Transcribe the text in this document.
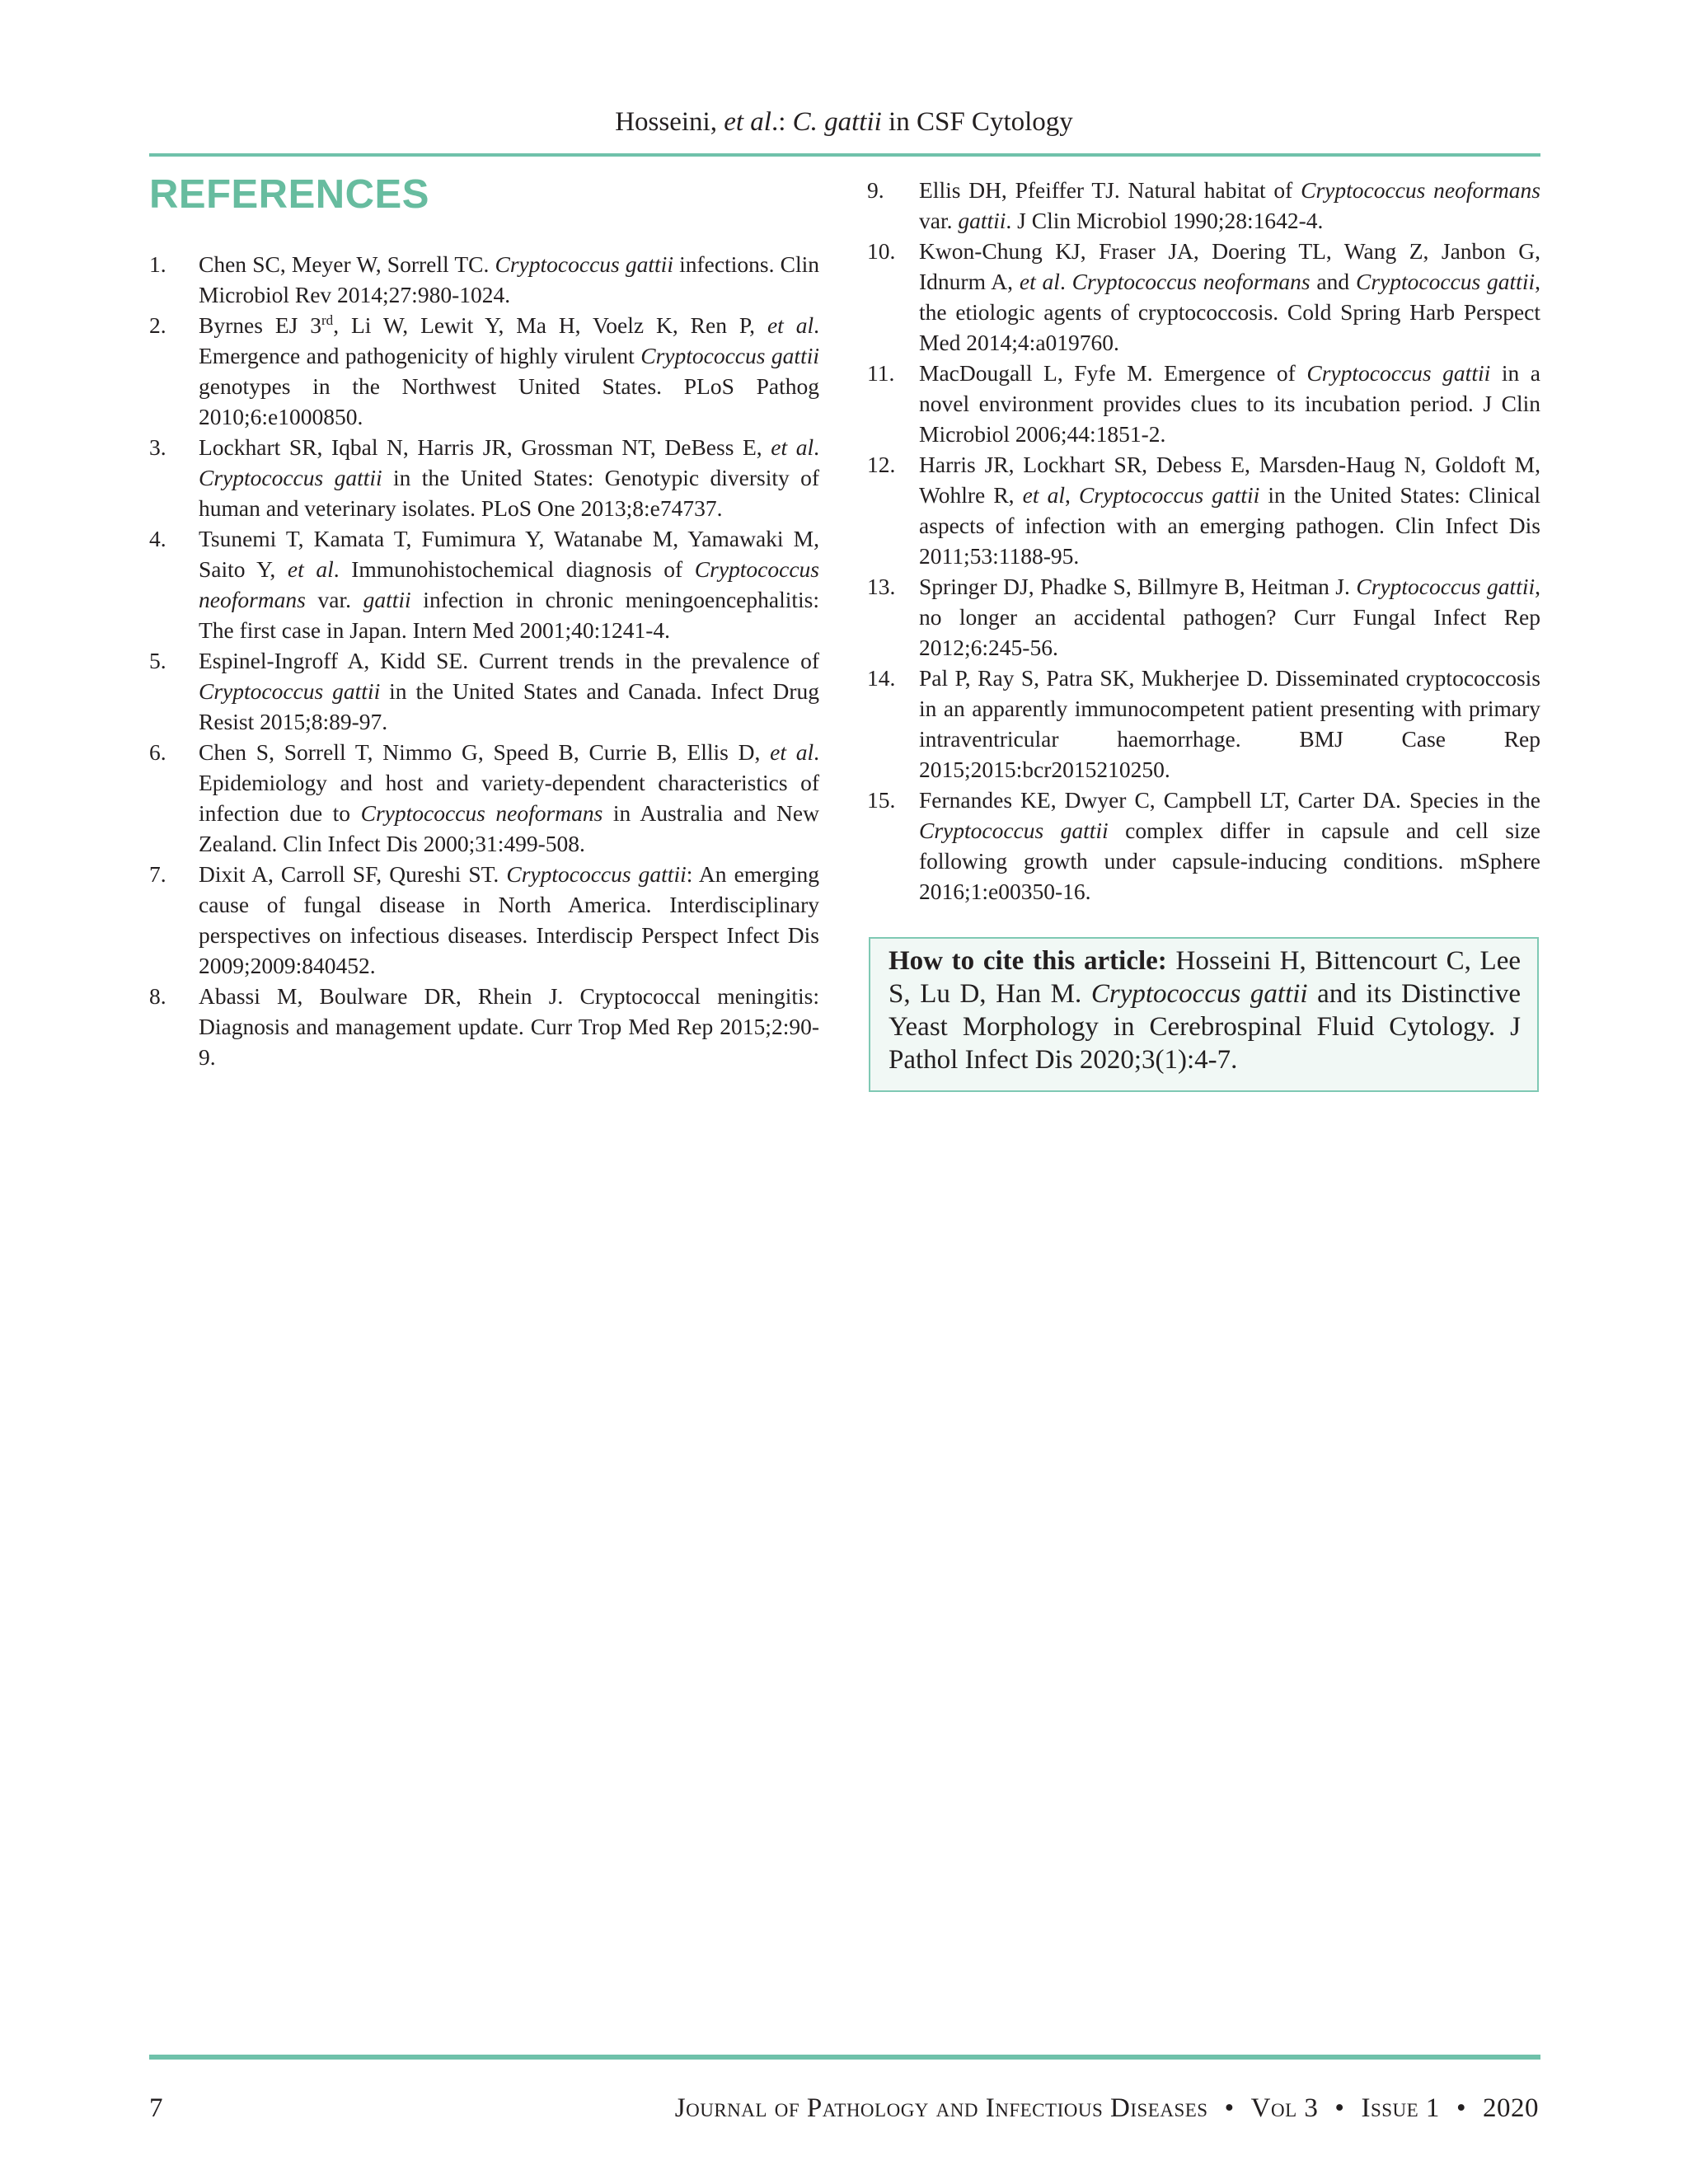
Hosseini, et al.: C. gattii in CSF Cytology
REFERENCES
1.	Chen SC, Meyer W, Sorrell TC. Cryptococcus gattii infections. Clin Microbiol Rev 2014;27:980-1024.
2.	Byrnes EJ 3rd, Li W, Lewit Y, Ma H, Voelz K, Ren P, et al. Emergence and pathogenicity of highly virulent Cryptococcus gattii genotypes in the Northwest United States. PLoS Pathog 2010;6:e1000850.
3.	Lockhart SR, Iqbal N, Harris JR, Grossman NT, DeBess E, et al. Cryptococcus gattii in the United States: Genotypic diversity of human and veterinary isolates. PLoS One 2013;8:e74737.
4.	Tsunemi T, Kamata T, Fumimura Y, Watanabe M, Yamawaki M, Saito Y, et al. Immunohistochemical diagnosis of Cryptococcus neoformans var. gattii infection in chronic meningoencephalitis: The first case in Japan. Intern Med 2001;40:1241-4.
5.	Espinel-Ingroff A, Kidd SE. Current trends in the prevalence of Cryptococcus gattii in the United States and Canada. Infect Drug Resist 2015;8:89-97.
6.	Chen S, Sorrell T, Nimmo G, Speed B, Currie B, Ellis D, et al. Epidemiology and host and variety-dependent characteristics of infection due to Cryptococcus neoformans in Australia and New Zealand. Clin Infect Dis 2000;31:499-508.
7.	Dixit A, Carroll SF, Qureshi ST. Cryptococcus gattii: An emerging cause of fungal disease in North America. Interdisciplinary perspectives on infectious diseases. Interdiscip Perspect Infect Dis 2009;2009:840452.
8.	Abassi M, Boulware DR, Rhein J. Cryptococcal meningitis: Diagnosis and management update. Curr Trop Med Rep 2015;2:90-9.
9.	Ellis DH, Pfeiffer TJ. Natural habitat of Cryptococcus neoformans var. gattii. J Clin Microbiol 1990;28:1642-4.
10.	Kwon-Chung KJ, Fraser JA, Doering TL, Wang Z, Janbon G, Idnurm A, et al. Cryptococcus neoformans and Cryptococcus gattii, the etiologic agents of cryptococcosis. Cold Spring Harb Perspect Med 2014;4:a019760.
11.	MacDougall L, Fyfe M. Emergence of Cryptococcus gattii in a novel environment provides clues to its incubation period. J Clin Microbiol 2006;44:1851-2.
12.	Harris JR, Lockhart SR, Debess E, Marsden-Haug N, Goldoft M, Wohlre R, et al, Cryptococcus gattii in the United States: Clinical aspects of infection with an emerging pathogen. Clin Infect Dis 2011;53:1188-95.
13.	Springer DJ, Phadke S, Billmyre B, Heitman J. Cryptococcus gattii, no longer an accidental pathogen? Curr Fungal Infect Rep 2012;6:245-56.
14.	Pal P, Ray S, Patra SK, Mukherjee D. Disseminated cryptococcosis in an apparently immunocompetent patient presenting with primary intraventricular haemorrhage. BMJ Case Rep 2015;2015:bcr2015210250.
15.	Fernandes KE, Dwyer C, Campbell LT, Carter DA. Species in the Cryptococcus gattii complex differ in capsule and cell size following growth under capsule-inducing conditions. mSphere 2016;1:e00350-16.
How to cite this article: Hosseini H, Bittencourt C, Lee S, Lu D, Han M. Cryptococcus gattii and its Distinctive Yeast Morphology in Cerebrospinal Fluid Cytology. J Pathol Infect Dis 2020;3(1):4-7.
7	Journal of Pathology and Infectious Diseases • Vol 3 • Issue 1 • 2020
